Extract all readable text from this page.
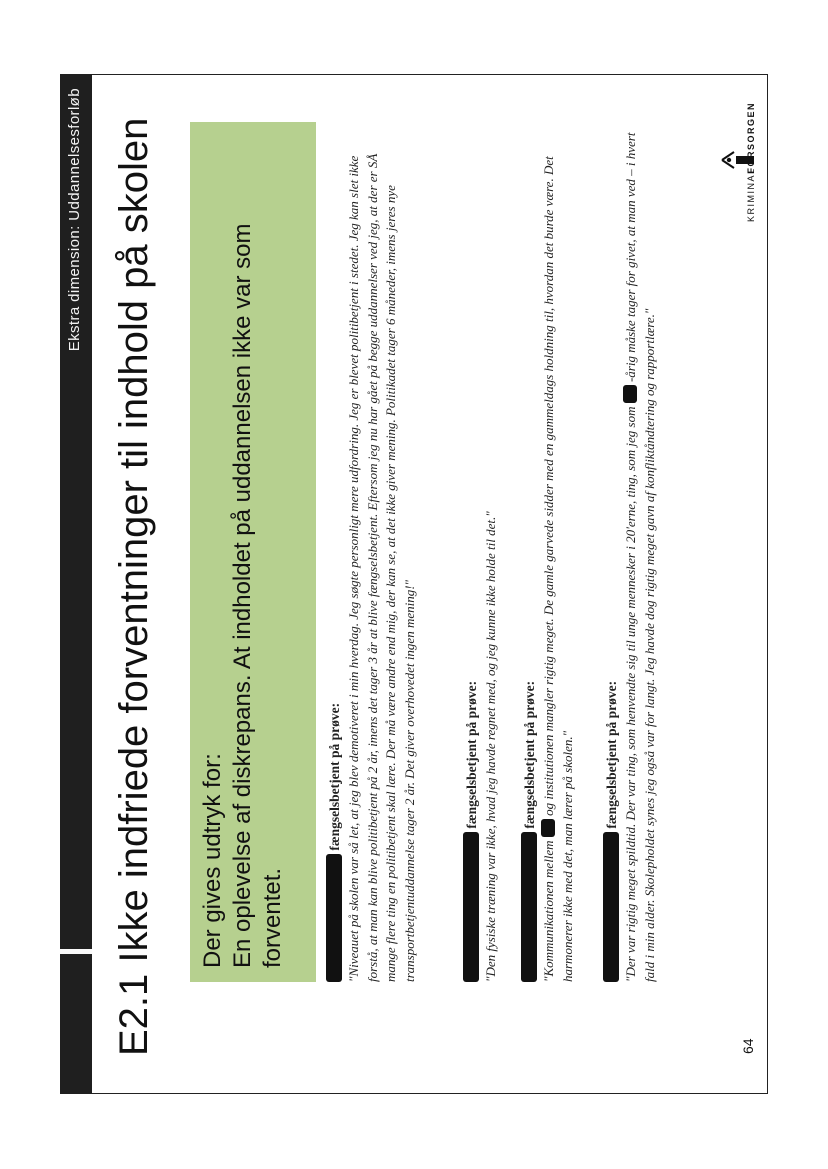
Ekstra dimension: Uddannelsesforløb E2.1 Ikke indfriede forventninger til indhold på skolen Der gives udtryk for: En oplevelse af diskrepans. At indholdet på uddannelsen ikke var som forventet.
fængselsbetjent på prøve: "Niveauet på skolen var så let, at jeg blev demotiveret i min hverdag. Jeg søgte personligt mere udfordring. Jeg er blevet politibetjent i stedet. Jeg kan slet ikke forstå, at man kan blive politibetjent på 2 år, imens det tager 3 år at blive fængselsbetjent. Eftersom jeg nu har gået på begge uddannelser ved jeg, at der er SÅ mange flere ting en politibetjent skal lære. Der må være andre end mig, der kan se, at det ikke giver mening. Politikadet tager 6 måneder, imens jeres nye transportbetjentuddannelse tager 2 år. Det giver overhovedet ingen mening!"	fængselsbetjent på prøve: "Den fysiske træning var ikke, hvad jeg havde regnet med, og jeg kunne ikke holde til det." fængselsbetjent på prøve:
"Kommunikationen mellem  og institutionen mangler rigtig meget. De gamle garvede sidder med en gammeldags holdning til, hvordan det burde være. Det harmonerer ikke med det, man lærer på skolen." fængselsbetjent på prøve: "Der var rigtig meget spildtid. Der var ting, som henvendte sig til unge mennesker i 20'erne, ting, som jeg som  -årig måske tager for givet, at man ved – i hvert fald i min alder. Skolepholdet synes jeg også var for langt. Jeg havde dog rigtig meget gavn af konfliktåndtering og rapportlære."
64
KRIMINAL
FORSORGEN
